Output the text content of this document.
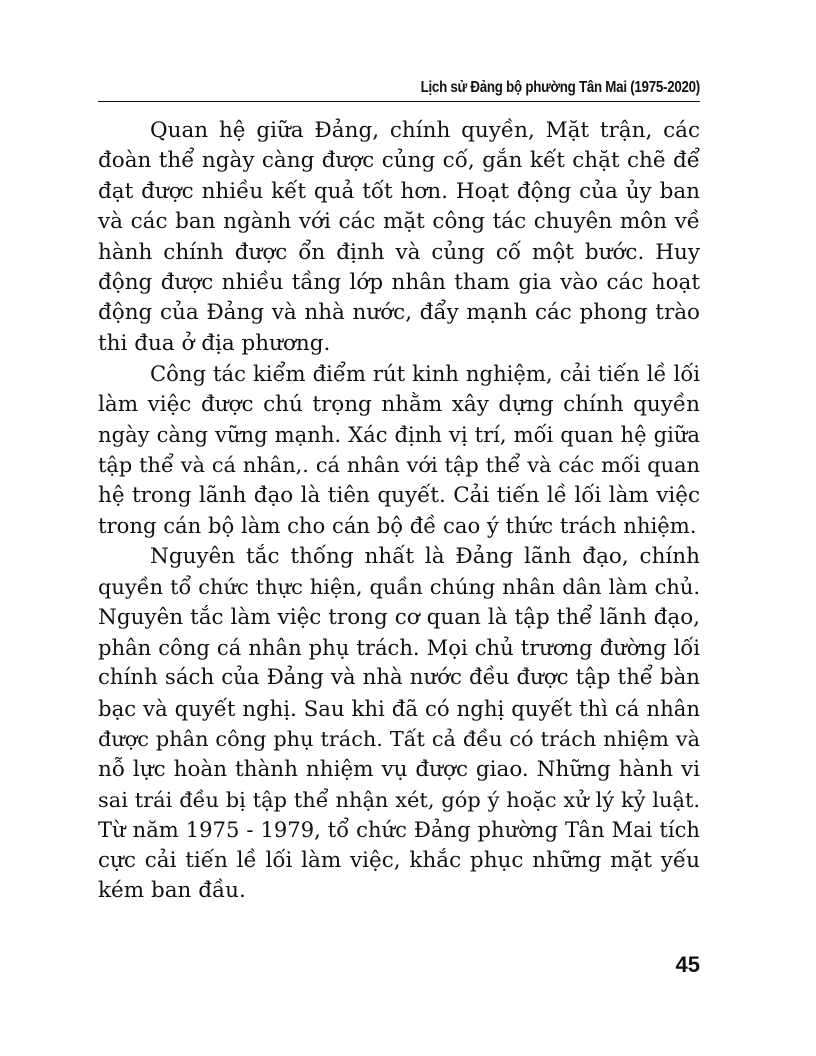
Lịch sử Đảng bộ phường Tân Mai (1975-2020)

Quan hệ giữa Đảng, chính quyền, Mặt trận, các
đoàn thể ngày càng được củng cố, gắn kết chặt chẽ để
đạt được nhiều kết quả tốt hơn. Hoạt động của ủy ban
và các ban ngành với các mặt công tác chuyên môn về
hành chính được ổn định và củng cố một bước. Huy
động được nhiều tầng lớp nhân tham gia vào các hoạt
động của Đảng và nhà nước, đẩy mạnh các phong trào
thi đua ở địa phương.

Công tác kiểm điểm rút kinh nghiệm, cải tiến lề lối
làm việc được chú trọng nhằm xây dựng chính quyền
ngày càng vững mạnh. Xác định vị trí, mối quan hệ giữa
tập thể và cá nhân,. cá nhân với tập thể và các mối quan
hệ trong lãnh đạo là tiên quyết. Cải tiến lề lối làm việc
trong cán bộ làm cho cán bộ đề cao ý thức trách nhiệm.

Nguyên tắc thống nhất là Đảng lãnh đạo, chính
quyền tổ chức thực hiện, quần chúng nhân dân làm chủ.
Nguyên tắc làm việc trong cơ quan là tập thể lãnh đạo,
phân công cá nhân phụ trách. Mọi chủ trương đường lối
chính sách của Đảng và nhà nước đều được tập thể bàn
bạc và quyết nghị. Sau khi đã có nghị quyết thì cá nhân
được phân công phụ trách. Tất cả đều có trách nhiệm và
nỗ lực hoàn thành nhiệm vụ được giao. Những hành vi
sai trái đều bị tập thể nhận xét, góp ý hoặc xử lý kỷ luật.
Từ năm 1975 - 1979, tổ chức Đảng phường Tân Mai tích
cực cải tiến lề lối làm việc, khắc phục những mặt yếu
kém ban đầu.

45
